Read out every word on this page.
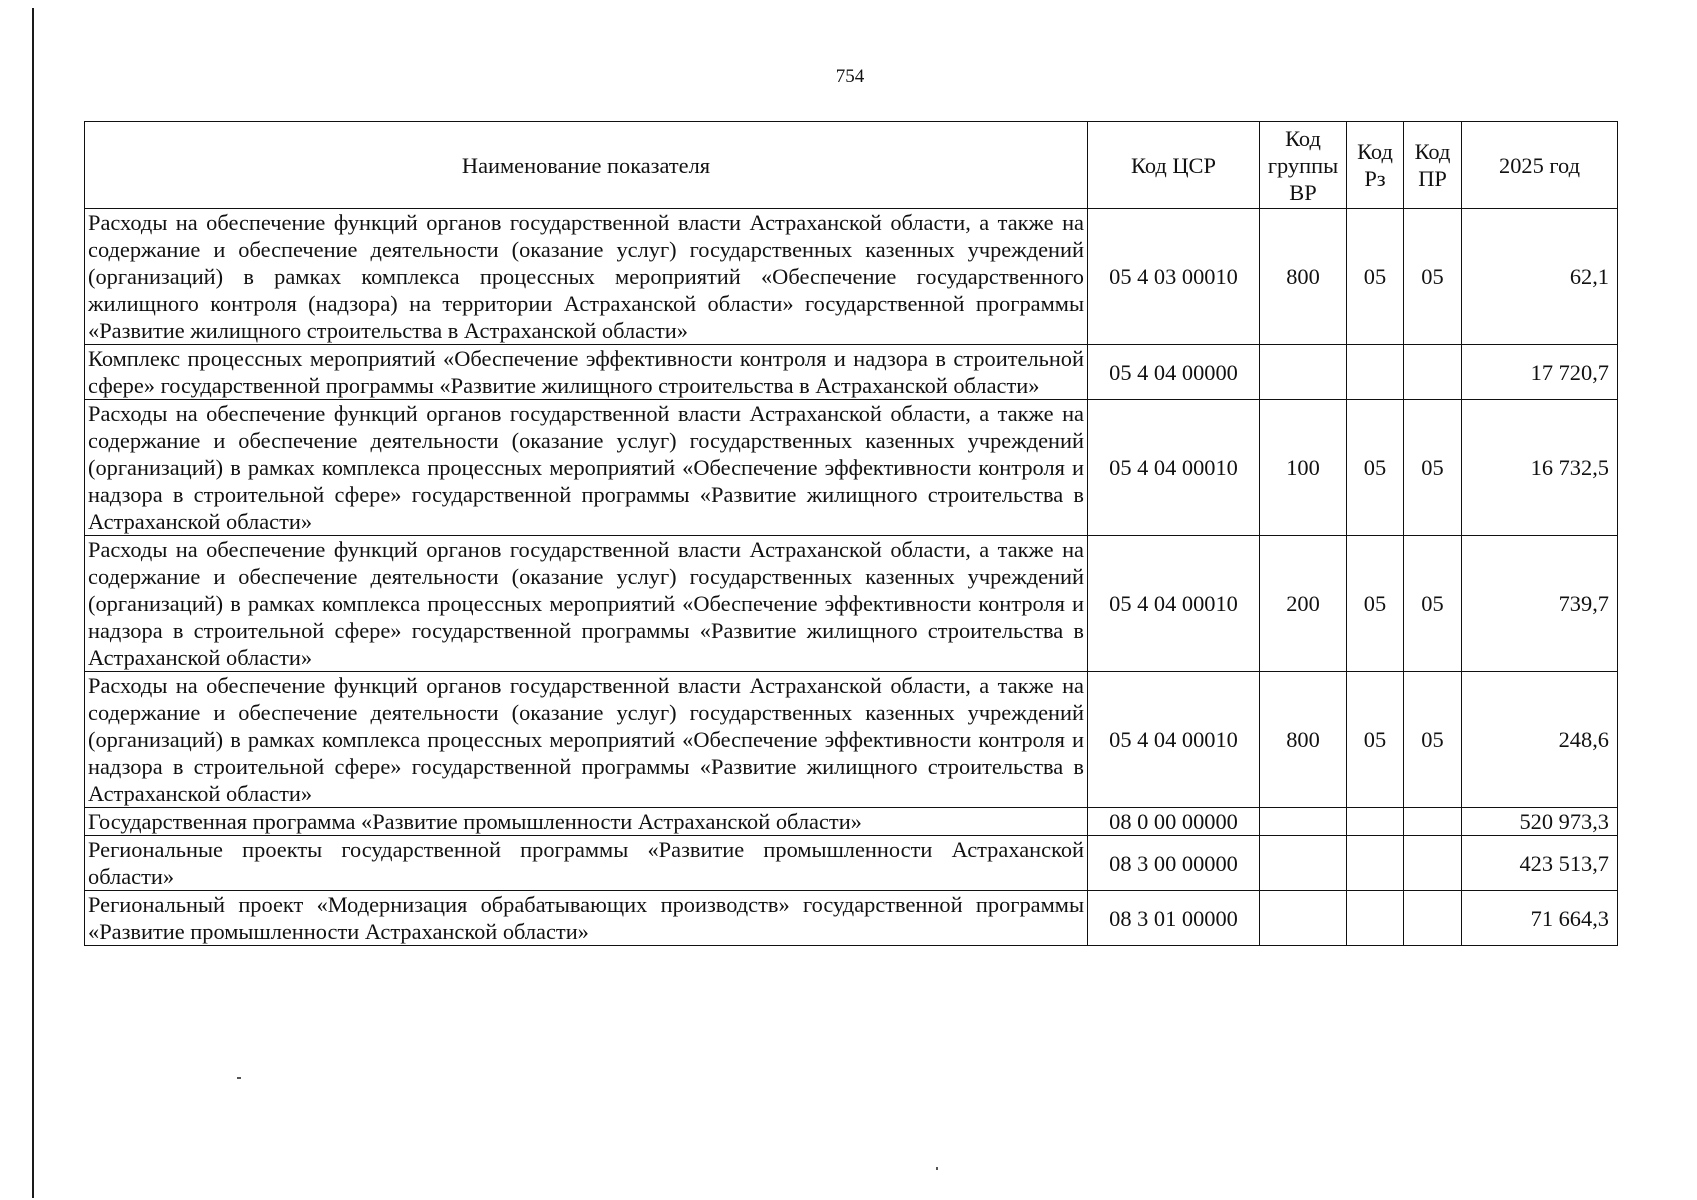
754
Наименование показателя	Код ЦСР	Код группы ВР	Код Рз	Код ПР	2025 год
Расходы на обеспечение функций органов государственной власти Астраханской области, а также на содержание и обеспечение деятельности (оказание услуг) государственных казенных учреждений (организаций) в рамках комплекса процессных мероприятий «Обеспечение государственного жилищного контроля (надзора) на территории Астраханской области» государственной программы «Развитие жилищного строительства в Астраханской области»	05 4 03 00010	800	05	05	62,1
Комплекс процессных мероприятий «Обеспечение эффективности контроля и надзора в строительной сфере» государственной программы «Развитие жилищного строительства в Астраханской области»	05 4 04 00000				17 720,7
Расходы на обеспечение функций органов государственной власти Астраханской области, а также на содержание и обеспечение деятельности (оказание услуг) государственных казенных учреждений (организаций) в рамках комплекса процессных мероприятий «Обеспечение эффективности контроля и надзора в строительной сфере» государственной программы «Развитие жилищного строительства в Астраханской области»	05 4 04 00010	100	05	05	16 732,5
Расходы на обеспечение функций органов государственной власти Астраханской области, а также на содержание и обеспечение деятельности (оказание услуг) государственных казенных учреждений (организаций) в рамках комплекса процессных мероприятий «Обеспечение эффективности контроля и надзора в строительной сфере» государственной программы «Развитие жилищного строительства в Астраханской области»	05 4 04 00010	200	05	05	739,7
Расходы на обеспечение функций органов государственной власти Астраханской области, а также на содержание и обеспечение деятельности (оказание услуг) государственных казенных учреждений (организаций) в рамках комплекса процессных мероприятий «Обеспечение эффективности контроля и надзора в строительной сфере» государственной программы «Развитие жилищного строительства в Астраханской области»	05 4 04 00010	800	05	05	248,6
Государственная программа «Развитие промышленности Астраханской области»	08 0 00 00000				520 973,3
Региональные проекты государственной программы «Развитие промышленности Астраханской области»	08 3 00 00000				423 513,7
Региональный проект «Модернизация обрабатывающих производств» государственной программы «Развитие промышленности Астраханской области»	08 3 01 00000				71 664,3
